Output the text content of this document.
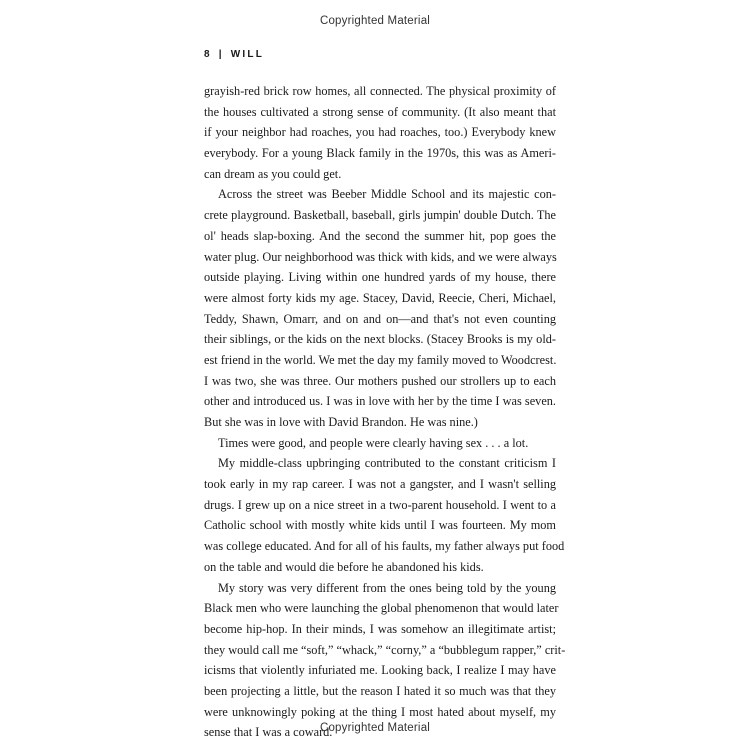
Copyrighted Material
8 | WILL
grayish-red brick row homes, all connected. The physical proximity of
the houses cultivated a strong sense of community. (It also meant that
if your neighbor had roaches, you had roaches, too.) Everybody knew
everybody. For a young Black family in the 1970s, this was as Ameri-
can dream as you could get.
Across the street was Beeber Middle School and its majestic con-
crete playground. Basketball, baseball, girls jumpin' double Dutch. The
ol' heads slap-boxing. And the second the summer hit, pop goes the
water plug. Our neighborhood was thick with kids, and we were always
outside playing. Living within one hundred yards of my house, there
were almost forty kids my age. Stacey, David, Reecie, Cheri, Michael,
Teddy, Shawn, Omarr, and on and on—and that's not even counting
their siblings, or the kids on the next blocks. (Stacey Brooks is my old-
est friend in the world. We met the day my family moved to Woodcrest.
I was two, she was three. Our mothers pushed our strollers up to each
other and introduced us. I was in love with her by the time I was seven.
But she was in love with David Brandon. He was nine.)
Times were good, and people were clearly having sex . . . a lot.
My middle-class upbringing contributed to the constant criticism I
took early in my rap career. I was not a gangster, and I wasn't selling
drugs. I grew up on a nice street in a two-parent household. I went to a
Catholic school with mostly white kids until I was fourteen. My mom
was college educated. And for all of his faults, my father always put food
on the table and would die before he abandoned his kids.
My story was very different from the ones being told by the young
Black men who were launching the global phenomenon that would later
become hip-hop. In their minds, I was somehow an illegitimate artist;
they would call me “soft,” “whack,” “corny,” a “bubblegum rapper,” crit-
icisms that violently infuriated me. Looking back, I realize I may have
been projecting a little, but the reason I hated it so much was that they
were unknowingly poking at the thing I most hated about myself, my
sense that I was a coward.
Copyrighted Material
